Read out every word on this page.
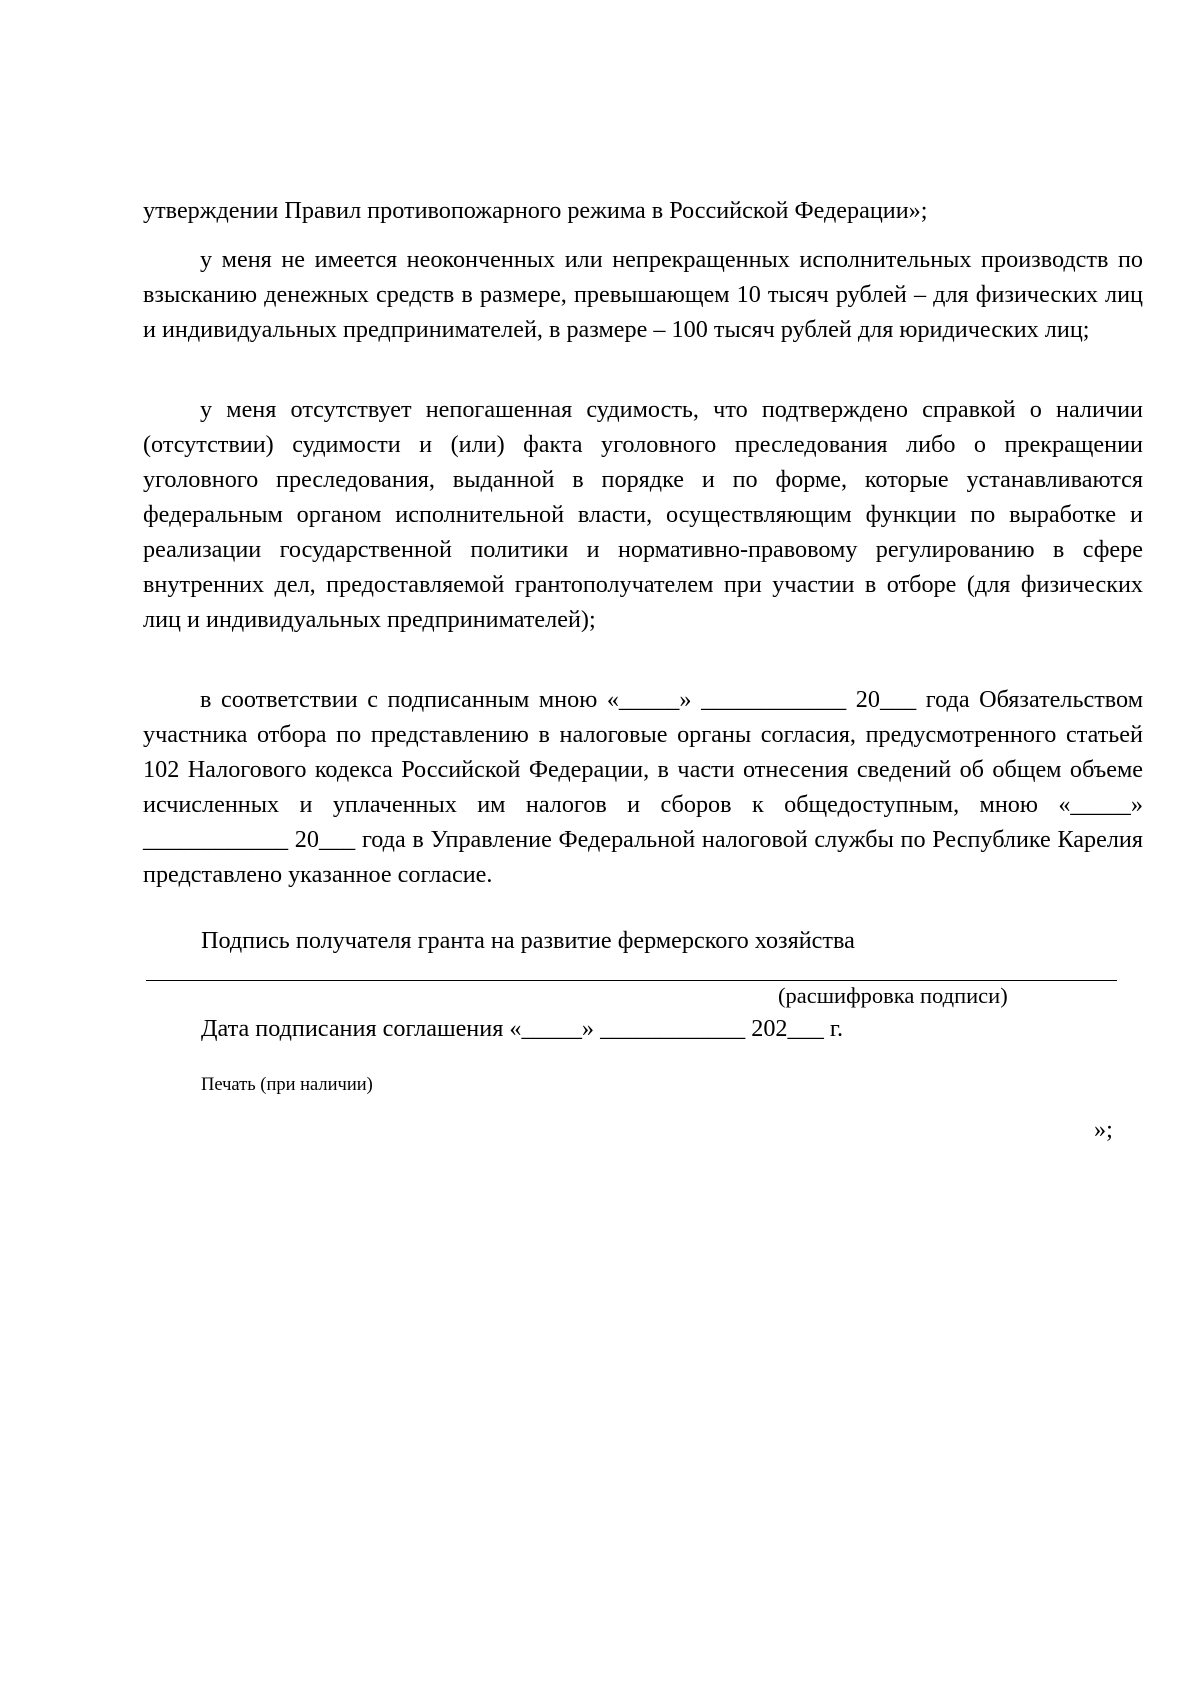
утверждении Правил противопожарного режима в Российской Федерации»;

у меня не имеется неоконченных или непрекращенных исполнительных производств по взысканию денежных средств в размере, превышающем 10 тысяч рублей – для физических лиц и индивидуальных предпринимателей, в размере – 100 тысяч рублей для юридических лиц;

у меня отсутствует непогашенная судимость, что подтверждено справкой о наличии (отсутствии) судимости и (или) факта уголовного преследования либо о прекращении уголовного преследования, выданной в порядке и по форме, которые устанавливаются федеральным органом исполнительной власти, осуществляющим функции по выработке и реализации государственной политики и нормативно-правовому регулированию в сфере внутренних дел, предоставляемой грантополучателем при участии в отборе (для физических лиц и индивидуальных предпринимателей);

в соответствии с подписанным мною «_____» ____________ 20___ года Обязательством участника отбора по представлению в налоговые органы согласия, предусмотренного статьей 102 Налогового кодекса Российской Федерации, в части отнесения сведений об общем объеме исчисленных и уплаченных им налогов и сборов к общедоступным, мною «_____» ____________ 20___ года в Управление Федеральной налоговой службы по Республике Карелия представлено указанное согласие.

Подпись получателя гранта на развитие фермерского хозяйства

(расшифровка подписи)

Дата подписания соглашения «_____» ____________ 202___ г.

Печать (при наличии)

»;
